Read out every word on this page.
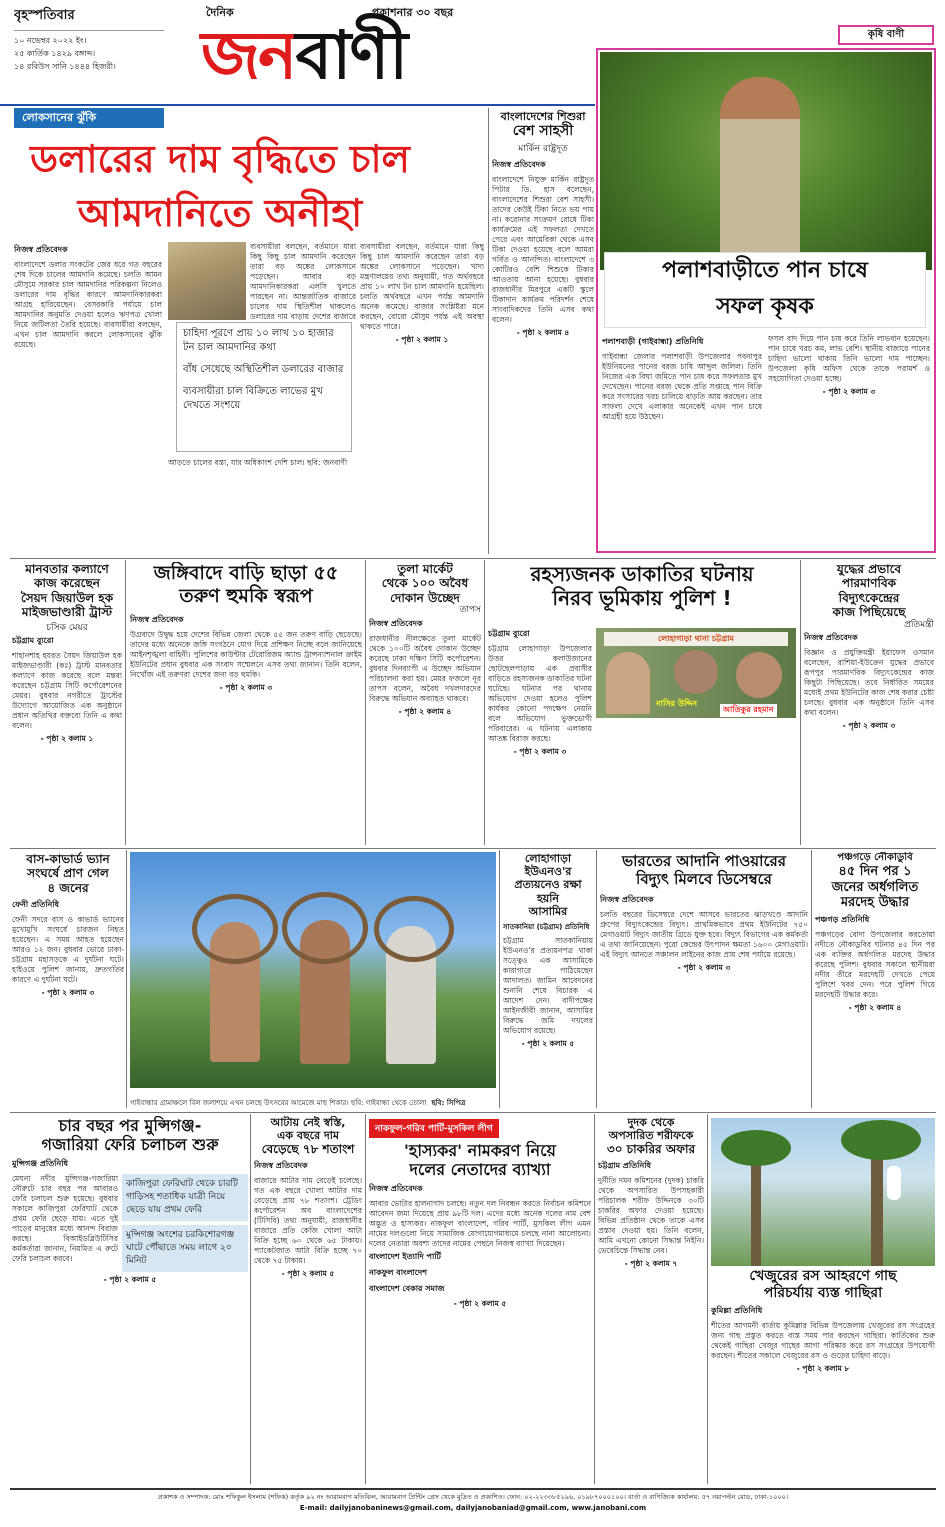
বৃহস্পতিবার
১০ নভেম্বর ২০২২ ইং।
২৫ কার্তিক ১৪২৯ বঙ্গাব্দ।
১৪ রবিউস সানি ১৪৪৪ হিজরী।
দৈনিক	প্রকাশনার ৩০ বছর
জনবাণী
লোকসানের ঝুঁকি
ডলারের দাম বৃদ্ধিতে চাল
আমদানিতে অনীহা
নিজস্ব প্রতিবেদক
বাংলাদেশে ডলার সংকটের জের ধরে গত বছরের শেষ দিকে চালের আমদানি কমেছে। চলতি আমন মৌসুমে সরকার চাল আমদানির পরিকল্পনা নিলেও ডলারের দাম বৃদ্ধির কারণে আমদানিকারকরা আগ্রহ হারিয়েছেন। বেসরকারি পর্যায়ে চাল আমদানির অনুমতি দেওয়া হলেও ঋণপত্র খোলা নিয়ে জটিলতা তৈরি হয়েছে। ব্যবসায়ীরা বলছেন, এখন চাল আমদানি করলে লোকসানের ঝুঁকি রয়েছে।
চাহিদা পূরণে প্রায় ১০ লাখ ১০ হাজার টন চাল আমদানির কথা
বাঁধ সেধেছে অস্থিতিশীল ডলারের বাজার
ব্যবসায়ীরা চাল বিক্রিতে লাভের মুখ দেখতে সংশয়ে
আড়তে চালের বস্তা, যার অধিকাংশ দেশি চাল। ছবি: জনবাণী
ব্যবসায়ীরা বলছেন, বর্তমানে যারা কিছু কিছু চাল আমদানি করেছেন তারা বড় অঙ্কের লোকসানে পড়েছেন। আবার বড় আমদানিকারকরা এলসি খুলতে পারছেন না। আন্তর্জাতিক বাজারে চালের দাম স্থিতিশীল থাকলেও ডলারের দাম বাড়ায় দেশের বাজারে
ব্যবসায়ীরা বলছেন, বর্তমানে যারা কিছু কিছু চাল আমদানি করেছেন তারা বড় অঙ্কের লোকসানে পড়েছেন। খাদ্য মন্ত্রণালয়ের তথ্য অনুযায়ী, গত অর্থবছরে প্রায় ১০ লাখ টন চাল আমদানি হয়েছিল। চলতি অর্থবছরে এখন পর্যন্ত আমদানি অনেক কমেছে। বাজার সংশ্লিষ্টরা মনে করছেন, বোরো মৌসুম পর্যন্ত এই অবস্থা থাকতে পারে।
- পৃষ্ঠা ২ কলাম ১
বাংলাদেশের শিশুরা
বেশ সাহসী
মার্কিন রাষ্ট্রদূত
নিজস্ব প্রতিবেদক
বাংলাদেশে নিযুক্ত মার্কিন রাষ্ট্রদূত পিটার ডি. হাস বলেছেন, বাংলাদেশের শিশুরা বেশ সাহসী। তাদের কেউই টিকা নিতে ভয় পায় না। করোনার সংক্রমণ রোধে টিকা কার্যক্রমের এই সফলতা দেখতে পেরে এবং আমেরিকা থেকে এসব টিকা দেওয়া হয়েছে বলে আমরা গর্বিত ও আনন্দিত। বাংলাদেশে ৩ কোটিরও বেশি শিশুকে টিকার আওতায় আনা হয়েছে। বুধবার রাজধানীর মিরপুরে একটি স্কুলে টিকাদান কার্যক্রম পরিদর্শন শেষে সাংবাদিকদের তিনি এসব কথা বলেন।
- পৃষ্ঠা ২ কলাম ৪
কৃষি বাণী
পলাশবাড়ীতে পান চাষে
সফল কৃষক
পলাশবাড়ী (গাইবান্ধা) প্রতিনিধি
গাইবান্ধা জেলার পলাশবাড়ী উপজেলার পবনাপুর ইউনিয়নের পানের বরজ চাষি আব্দুল জলিল। তিনি নিজের এক বিঘা জমিতে পান চাষ করে সফলতার মুখ দেখেছেন। পানের বরজ থেকে প্রতি সপ্তাহে পান বিক্রি করে সংসারের খরচ চালিয়ে বাড়তি আয় করছেন। তার সাফল্য দেখে এলাকার অনেকেই এখন পান চাষে আগ্রহী হয়ে উঠছেন।
ফসল বাদ দিয়ে পান চাষ করে তিনি লাভবান হয়েছেন। পান চাষে খরচ কম, লাভ বেশি। স্থানীয় বাজারে পানের চাহিদা ভালো থাকায় তিনি ভালো দাম পাচ্ছেন। উপজেলা কৃষি অফিস থেকে তাকে পরামর্শ ও সহযোগিতা দেওয়া হচ্ছে।
- পৃষ্ঠা ২ কলাম ৩
মানবতার কল্যাণে
কাজ করেছেন
সৈয়দ জিয়াউল হক
মাইজভাণ্ডারী ট্রাস্ট
চসিক মেয়র
চট্টগ্রাম ব্যুরো
শাহানশাহ হযরত সৈয়দ জিয়াউল হক মাইজভাণ্ডারী (কঃ) ট্রাস্ট মানবতার কল্যাণে কাজ করেছে বলে মন্তব্য করেছেন চট্টগ্রাম সিটি কর্পোরেশনের মেয়র। বুধবার নগরীতে ট্রাস্টের উদ্যোগে আয়োজিত এক অনুষ্ঠানে প্রধান অতিথির বক্তব্যে তিনি এ কথা বলেন।
- পৃষ্ঠা ২ কলাম ১
জঙ্গিবাদে বাড়ি ছাড়া ৫৫
তরুণ হুমকি স্বরূপ
নিজস্ব প্রতিবেদক
উগ্রবাদে উদ্বুদ্ধ হয়ে দেশের বিভিন্ন জেলা থেকে ৫৫ জন তরুণ বাড়ি ছেড়েছে। তাদের মধ্যে অনেকে জঙ্গি সংগঠনে যোগ দিয়ে প্রশিক্ষণ নিচ্ছে বলে জানিয়েছে আইনশৃঙ্খলা বাহিনী। পুলিশের কাউন্টার টেরোরিজম অ্যান্ড ট্রান্সন্যাশনাল ক্রাইম ইউনিটের প্রধান বুধবার এক সংবাদ সম্মেলনে এসব তথ্য জানান। তিনি বলেন, নিখোঁজ এই তরুণরা দেশের জন্য বড় হুমকি।
- পৃষ্ঠা ২ কলাম ৩
তুলা মার্কেট
থেকে ১০০ অবৈধ
দোকান উচ্ছেদ
তাপস
নিজস্ব প্রতিবেদক
রাজধানীর নীলক্ষেতে তুলা মার্কেট থেকে ১০০টি অবৈধ দোকান উচ্ছেদ করেছে ঢাকা দক্ষিণ সিটি কর্পোরেশন। বুধবার দিনব্যাপী এ উচ্ছেদ অভিযান পরিচালনা করা হয়। মেয়র ফজলে নূর তাপস বলেন, অবৈধ দখলদারদের বিরুদ্ধে অভিযান অব্যাহত থাকবে।
- পৃষ্ঠা ২ কলাম ৪
রহস্যজনক ডাকাতির ঘটনায়
নিরব ভূমিকায় পুলিশ !
চট্টগ্রাম ব্যুরো
চট্টগ্রাম লোহাগাড়া উপজেলার উত্তর কলাউজানের ছোটছেলপাড়ায় এক প্রবাসীর বাড়িতে রহস্যজনক ডাকাতির ঘটনা ঘটেছে। ঘটনার পর থানায় অভিযোগ দেওয়া হলেও পুলিশ কার্যকর কোনো পদক্ষেপ নেয়নি বলে অভিযোগ ভুক্তভোগী পরিবারের। এ ঘটনায় এলাকায় আতঙ্ক বিরাজ করছে।
- পৃষ্ঠা ২ কলাম ৩
লোহাগাড়া থানা চট্টগ্রাম
নাসির উদ্দিন
আতিকুর রহমান
যুদ্ধের প্রভাবে
পারমাণবিক
বিদ্যুৎকেন্দ্রের
কাজ পিছিয়েছে
প্রতিমন্ত্রী
নিজস্ব প্রতিবেদক
বিজ্ঞান ও প্রযুক্তিমন্ত্রী ইয়াফেস ওসমান বলেছেন, রাশিয়া-ইউক্রেন যুদ্ধের প্রভাবে রূপপুর পারমাণবিক বিদ্যুৎকেন্দ্রের কাজ কিছুটা পিছিয়েছে। তবে নির্ধারিত সময়ের মধ্যেই প্রথম ইউনিটের কাজ শেষ করার চেষ্টা চলছে। বুধবার এক অনুষ্ঠানে তিনি এসব কথা বলেন।
- পৃষ্ঠা ২ কলাম ৩
বাস-কাভার্ড ভ্যান
সংঘর্ষে প্রাণ গেল
৪ জনের
ফেনী প্রতিনিধি
ফেনী সদরে বাস ও কাভার্ড ভ্যানের মুখোমুখি সংঘর্ষে চারজন নিহত হয়েছেন। এ সময় আহত হয়েছেন আরও ১২ জন। বুধবার ভোরে ঢাকা-চট্টগ্রাম মহাসড়কে এ দুর্ঘটনা ঘটে। হাইওয়ে পুলিশ জানায়, দ্রুতগতির কারণে এ দুর্ঘটনা ঘটে।
- পৃষ্ঠা ২ কলাম ৩
গাইবান্ধার গ্রামাঞ্চলে বিল জলাশয়ে এখন চলছে উৎসবের আমেজে মাছ শিকার। ছবি: গাইবান্ধা থেকে তোলা ছবি: সিপিত্র
লোহাগাড়া ইউএনও'র
প্রত্যয়নেও রক্ষা হয়নি
আসামির
সাতকানিয়া (চট্টগ্রাম) প্রতিনিধি
চট্টগ্রাম সাতকানিয়ায় ইউএনও'র প্রত্যয়নপত্র থাকা সত্ত্বেও এক আসামিকে কারাগারে পাঠিয়েছেন আদালত। জামিন আবেদনের শুনানি শেষে বিচারক এ আদেশ দেন। বাদীপক্ষের আইনজীবী জানান, আসামির বিরুদ্ধে জমি দখলের অভিযোগ রয়েছে।
- পৃষ্ঠা ২ কলাম ৫
ভারতের আদানি পাওয়ারের
বিদ্যুৎ মিলবে ডিসেম্বরে
নিজস্ব প্রতিবেদক
চলতি বছরের ডিসেম্বরে দেশে আসবে ভারতের ঝাড়খণ্ডে আদানি গ্রুপের বিদ্যুৎকেন্দ্রের বিদ্যুৎ। প্রাথমিকভাবে প্রথম ইউনিটের ৭৫০ মেগাওয়াট বিদ্যুৎ জাতীয় গ্রিডে যুক্ত হবে। বিদ্যুৎ বিভাগের এক কর্মকর্তা এ তথ্য জানিয়েছেন। পুরো কেন্দ্রের উৎপাদন ক্ষমতা ১৬০০ মেগাওয়াট। এই বিদ্যুৎ আনতে সঞ্চালন লাইনের কাজ প্রায় শেষ পর্যায়ে রয়েছে।
- পৃষ্ঠা ২ কলাম ৩
পঞ্চগড়ে নৌকাডুবি
৪৫ দিন পর ১
জনের অর্ধগলিত
মরদেহ উদ্ধার
পঞ্চগড় প্রতিনিধি
পঞ্চগড়ের বোদা উপজেলার করতোয়া নদীতে নৌকাডুবির ঘটনার ৪৫ দিন পর এক ব্যক্তির অর্ধগলিত মরদেহ উদ্ধার করেছে পুলিশ। বুধবার সকালে স্থানীয়রা নদীর তীরে মরদেহটি দেখতে পেয়ে পুলিশে খবর দেন। পরে পুলিশ গিয়ে মরদেহটি উদ্ধার করে।
- পৃষ্ঠা ২ কলাম ৪
চার বছর পর মুন্সিগঞ্জ-
গজারিয়া ফেরি চলাচল শুরু
মুন্সিগঞ্জ প্রতিনিধি
মেঘনা নদীর মুন্সিগঞ্জ-গজারিয়া নৌরুটে চার বছর পর আবারও ফেরি চলাচল শুরু হয়েছে। বুধবার সকালে কাজিপুরা ফেরিঘাট থেকে প্রথম ফেরি ছেড়ে যায়। এতে দুই পাড়ের মানুষের মধ্যে আনন্দ বিরাজ করছে। বিআইডব্লিউটিসির কর্মকর্তারা জানান, নিয়মিত এ রুটে ফেরি চলাচল করবে।
কাজিপুরা ফেরিঘাট থেকে চারটি গাড়িসহ শতাধিক যাত্রী নিয়ে ছেড়ে যায় প্রথম ফেরি
মুন্সিগঞ্জ অংশের চরকিশোরগঞ্জ ঘাটে পৌঁছাতে সময় লাগে ২০ মিনিট
- পৃষ্ঠা ২ কলাম ৫
আটায় নেই স্বস্তি,
এক বছরে দাম
বেড়েছে ৭৮ শতাংশ
নিজস্ব প্রতিবেদক
বাজারে আটার দাম বেড়েই চলেছে। গত এক বছরে খোলা আটার দাম বেড়েছে প্রায় ৭৮ শতাংশ। ট্রেডিং কর্পোরেশন অব বাংলাদেশের (টিসিবি) তথ্য অনুযায়ী, রাজধানীর বাজারে প্রতি কেজি খোলা আটা বিক্রি হচ্ছে ৬০ থেকে ৬৫ টাকায়। প্যাকেটজাত আটা বিক্রি হচ্ছে ৭০ থেকে ৭৫ টাকায়।
- পৃষ্ঠা ২ কলাম ৫
নাকফুল-গরিব পার্টি-মুসকিল লীগ
'হাস্যকর' নামকরণ নিয়ে
দলের নেতাদের ব্যাখ্যা
নিজস্ব প্রতিবেদক
আবার ভোটার হালনাগাদ চলছে। নতুন দল নিবন্ধন করতে নির্বাচন কমিশনে আবেদন জমা দিয়েছে প্রায় ৯৮টি দল। এদের মধ্যে অনেক দলের নাম বেশ অদ্ভুত ও হাস্যকর। নাকফুল বাংলাদেশ, গরিব পার্টি, মুসকিল লীগ এমন নামের দলগুলো নিয়ে সামাজিক যোগাযোগমাধ্যমে চলছে নানা আলোচনা। দলের নেতারা অবশ্য তাদের নামের পেছনে নিজস্ব ব্যাখ্যা দিয়েছেন।
বাংলাদেশ ইত্যাদি পার্টি
নাকফুল বাংলাদেশ
বাংলাদেশ বেকার সমাজ
- পৃষ্ঠা ২ কলাম ৫
দুদক থেকে
অপসারিত শরীফকে
৩০ চাকরির অফার
চট্টগ্রাম প্রতিনিধি
দুর্নীতি দমন কমিশনের (দুদক) চাকরি থেকে অপসারিত উপসহকারী পরিচালক শরীফ উদ্দিনকে ৩০টি চাকরির অফার দেওয়া হয়েছে। বিভিন্ন প্রতিষ্ঠান থেকে তাকে এসব প্রস্তাব দেওয়া হয়। তিনি বলেন, আমি এখনো কোনো সিদ্ধান্ত নিইনি। ভেবেচিন্তে সিদ্ধান্ত নেব।
- পৃষ্ঠা ২ কলাম ৭
খেজুরের রস আহরণে গাছ
পরিচর্যায় ব্যস্ত গাছিরা
কুমিল্লা প্রতিনিধি
শীতের আগমনী বার্তায় কুমিল্লার বিভিন্ন উপজেলায় খেজুরের রস সংগ্রহের জন্য গাছ প্রস্তুত করতে ব্যস্ত সময় পার করছেন গাছিরা। কার্তিকের শুরু থেকেই গাছিরা খেজুর গাছের আগা পরিষ্কার করে রস সংগ্রহের উপযোগী করছেন। শীতের সকালে খেজুরের রস ও গুড়ের চাহিদা বাড়ে।
- পৃষ্ঠা ২ কলাম ৮
প্রকাশক ও সম্পাদক: মোঃ শফিকুল ইসলাম (শফিক) কর্তৃক ৯২ নং আরামবাগ মতিঝিল, আরামবাগ প্রিন্টিং প্রেস থেকে মুদ্রিত ও প্রকাশিত। ফোন: ০২-২২৩৩৮৫২৯৬, ০১৯৮৭০০০১০০। বার্তা ও বাণিজ্যিক কার্যালয়: ৫৭ নয়াপল্টন রোড, ঢাকা-১০০০।
E-mail: dailyjanobaninews@gmail.com, dailyjanobaniad@gmail.com, www.janobani.com
